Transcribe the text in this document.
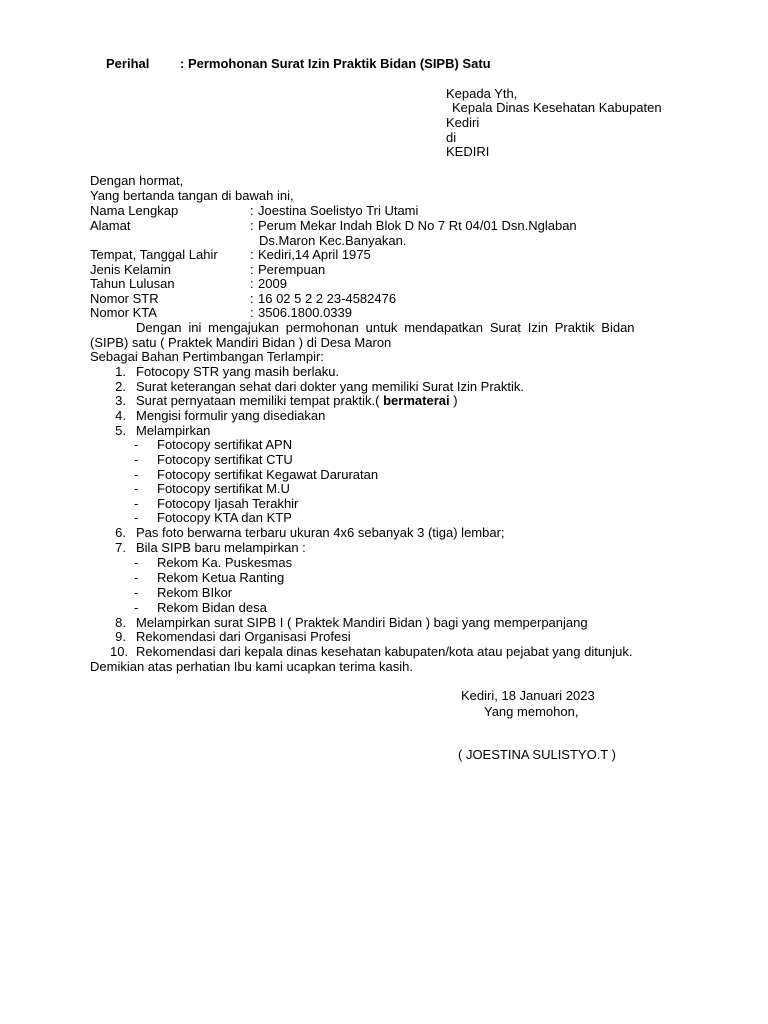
Perihal : Permohonan Surat Izin Praktik Bidan (SIPB) Satu
Kepada Yth,
Kepala Dinas Kesehatan Kabupaten
Kediri
di
KEDIRI
Dengan hormat,
Yang bertanda tangan di bawah ini,
Nama Lengkap	: Joestina Soelistyo Tri Utami
Alamat	: Perum Mekar Indah Blok D No 7 Rt 04/01 Dsn.Nglaban
Ds.Maron Kec.Banyakan.
Tempat, Tanggal Lahir : Kediri,14 April 1975
Jenis Kelamin	: Perempuan
Tahun Lulusan	: 2009
Nomor STR	: 16 02 5 2 2 23-4582476
Nomor KTA	: 3506.1800.0339
Dengan ini mengajukan permohonan untuk mendapatkan Surat Izin Praktik Bidan
(SIPB) satu ( Praktek Mandiri Bidan ) di Desa Maron
Sebagai Bahan Pertimbangan Terlampir:
1. Fotocopy STR yang masih berlaku.
2. Surat keterangan sehat dari dokter yang memiliki Surat Izin Praktik.
3. Surat pernyataan memiliki tempat praktik.( bermaterai )
4. Mengisi formulir yang disediakan
5. Melampirkan
- Fotocopy sertifikat APN
- Fotocopy sertifikat CTU
- Fotocopy sertifikat Kegawat Daruratan
- Fotocopy sertifikat M.U
- Fotocopy Ijasah Terakhir
- Fotocopy KTA dan KTP
6. Pas foto berwarna terbaru ukuran 4x6 sebanyak 3 (tiga) lembar;
7. Bila SIPB baru melampirkan :
- Rekom Ka. Puskesmas
- Rekom Ketua Ranting
- Rekom BIkor
- Rekom Bidan desa
8. Melampirkan surat SIPB I ( Praktek Mandiri Bidan ) bagi yang memperpanjang
9. Rekomendasi dari Organisasi Profesi
10. Rekomendasi dari kepala dinas kesehatan kabupaten/kota atau pejabat yang ditunjuk.
Demikian atas perhatian Ibu kami ucapkan terima kasih.
Kediri, 18 Januari 2023
Yang memohon,
( JOESTINA SULISTYO.T )
